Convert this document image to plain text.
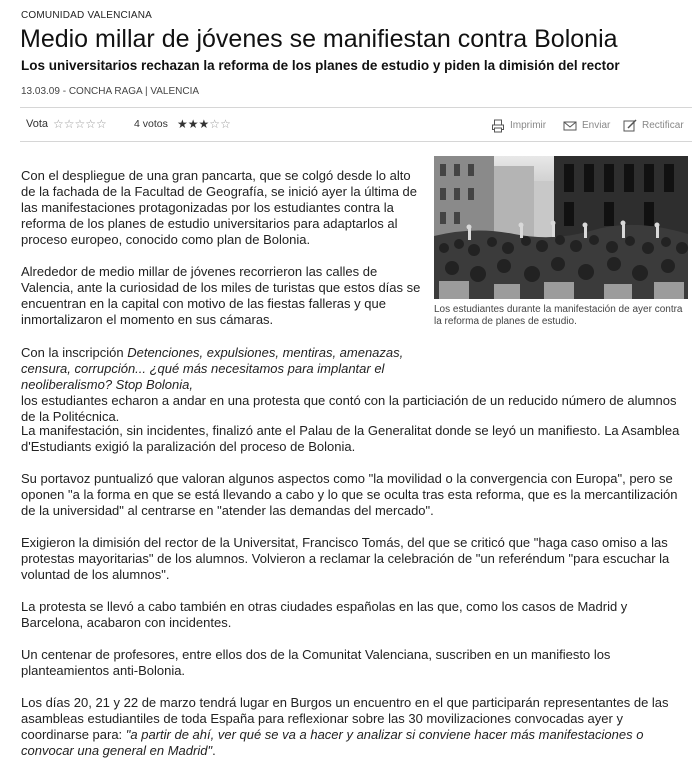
COMUNIDAD VALENCIANA
Medio millar de jóvenes se manifiestan contra Bolonia
Los universitarios rechazan la reforma de los planes de estudio y piden la dimisión del rector
13.03.09 - CONCHA RAGA | VALENCIA
Vota ☆☆☆☆☆	4 votos ★★★☆☆	Imprimir	Enviar	Rectificar
Los estudiantes durante la manifestación de ayer contra la reforma de planes de estudio.

Con el despliegue de una gran pancarta, que se colgó desde lo alto de la fachada de la Facultad de Geografía, se inició ayer la última de las manifestaciones protagonizadas por los estudiantes contra la reforma de los planes de estudio universitarios para adaptarlos al proceso europeo, conocido como plan de Bolonia.

Alrededor de medio millar de jóvenes recorrieron las calles de Valencia, ante la curiosidad de los miles de turistas que estos días se encuentran en la capital con motivo de las fiestas falleras y que inmortalizaron el momento en sus cámaras.

Con la inscripción Detenciones, expulsiones, mentiras, amenazas, censura, corrupción... ¿qué más necesitamos para implantar el neoliberalismo? Stop Bolonia,
los estudiantes echaron a andar en una protesta que contó con la particiación de un reducido número de alumnos de la Politécnica.

La manifestación, sin incidentes, finalizó ante el Palau de la Generalitat donde se leyó un manifiesto. La Asamblea d'Estudiants exigió la paralización del proceso de Bolonia.

Su portavoz puntualizó que valoran algunos aspectos como "la movilidad o la convergencia con Europa", pero se oponen "a la forma en que se está llevando a cabo y lo que se oculta tras esta reforma, que es la mercantilización de la universidad" al centrarse en "atender las demandas del mercado".

Exigieron la dimisión del rector de la Universitat, Francisco Tomás, del que se criticó que "haga caso omiso a las protestas mayoritarias" de los alumnos. Volvieron a reclamar la celebración de "un referéndum "para escuchar la voluntad de los alumnos".

La protesta se llevó a cabo también en otras ciudades españolas en las que, como los casos de Madrid y Barcelona, acabaron con incidentes.

Un centenar de profesores, entre ellos dos de la Comunitat Valenciana, suscriben en un manifiesto los planteamientos anti-Bolonia.

Los días 20, 21 y 22 de marzo tendrá lugar en Burgos un encuentro en el que participarán representantes de las asambleas estudiantiles de toda España para reflexionar sobre las 30 movilizaciones convocadas ayer y coordinarse para: "a partir de ahí, ver qué se va a hacer y analizar si conviene hacer más manifestaciones o convocar una general en Madrid".
